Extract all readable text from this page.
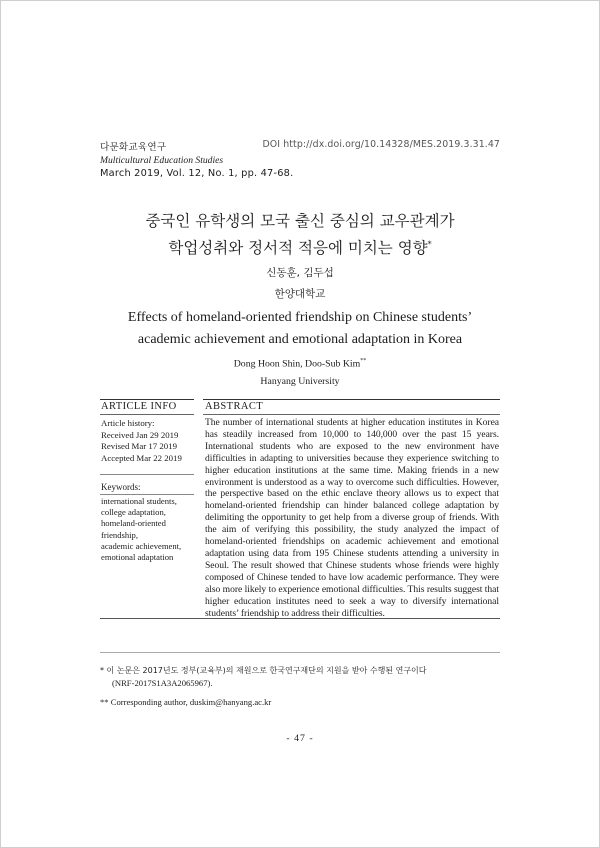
다문화교육연구
Multicultural Education Studies
March 2019, Vol. 12, No. 1, pp. 47-68.
DOI http://dx.doi.org/10.14328/MES.2019.3.31.47
중국인 유학생의 모국 출신 중심의 교우관계가
학업성취와 정서적 적응에 미치는 영향*
신동훈, 김두섭
한양대학교
Effects of homeland-oriented friendship on Chinese students’
academic achievement and emotional adaptation in Korea
Dong Hoon Shin, Doo-Sub Kim**
Hanyang University
ARTICLE INFO	ABSTRACT
Article history:
Received Jan 29 2019
Revised Mar 17 2019
Accepted Mar 22 2019
Keywords:
international students,
college adaptation,
homeland-oriented
friendship,
academic achievement,
emotional adaptation
The number of international students at higher education institutes in Korea has steadily increased from 10,000 to 140,000 over the past 15 years. International students who are exposed to the new environment have difficulties in adapting to universities because they experience switching to higher education institutions at the same time. Making friends in a new environment is understood as a way to overcome such difficulties. However, the perspective based on the ethic enclave theory allows us to expect that homeland-oriented friendship can hinder balanced college adaptation by delimiting the opportunity to get help from a diverse group of friends. With the aim of verifying this possibility, the study analyzed the impact of homeland-oriented friendships on academic achievement and emotional adaptation using data from 195 Chinese students attending a university in Seoul. The result showed that Chinese students whose friends were highly composed of Chinese tended to have low academic performance. They were also more likely to experience emotional difficulties. This results suggest that higher education institutes need to seek a way to diversify international students’ friendship to address their difficulties.
* 이 논문은 2017년도 정부(교육부)의 재원으로 한국연구재단의 지원을 받아 수행된 연구이다
(NRF-2017S1A3A2065967).
** Corresponding author, duskim@hanyang.ac.kr
- 47 -
